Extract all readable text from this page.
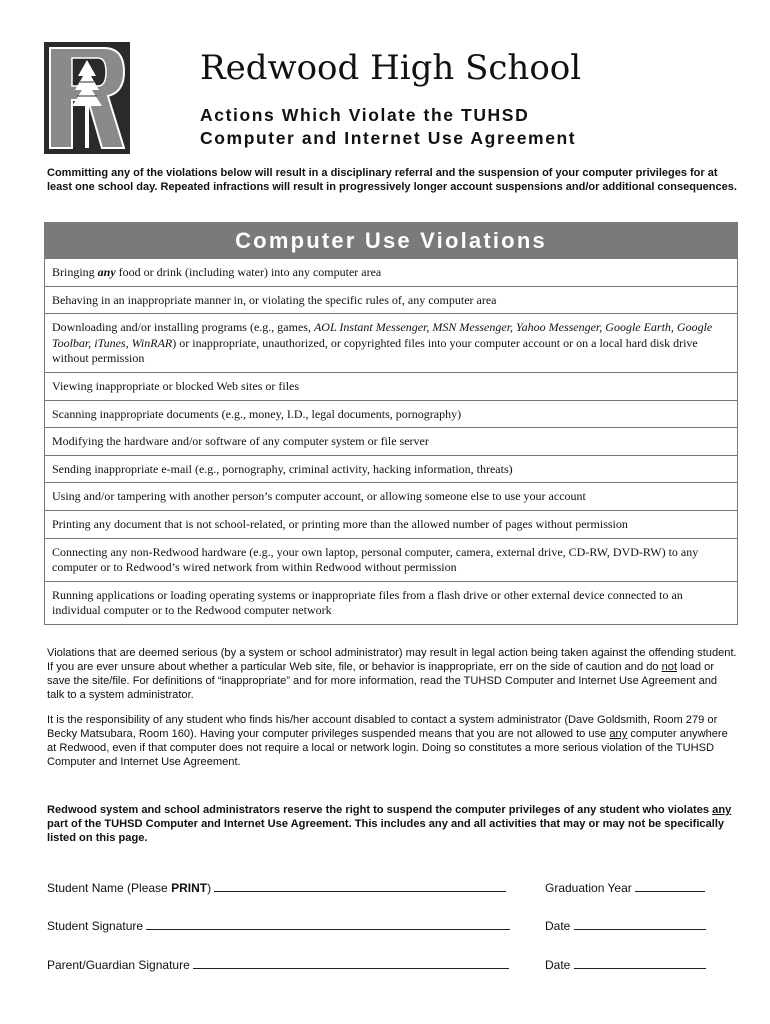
Redwood High School
Actions Which Violate the TUHSD
Computer and Internet Use Agreement
Committing any of the violations below will result in a disciplinary referral and the suspension of your computer privileges for at least one school day. Repeated infractions will result in progressively longer account suspensions and/or additional consequences.
Computer Use Violations
Bringing any food or drink (including water) into any computer area
Behaving in an inappropriate manner in, or violating the specific rules of, any computer area
Downloading and/or installing programs (e.g., games, AOL Instant Messenger, MSN Messenger, Yahoo Messenger, Google Earth, Google Toolbar, iTunes, WinRAR) or inappropriate, unauthorized, or copyrighted files into your computer account or on a local hard disk drive without permission
Viewing inappropriate or blocked Web sites or files
Scanning inappropriate documents (e.g., money, I.D., legal documents, pornography)
Modifying the hardware and/or software of any computer system or file server
Sending inappropriate e-mail (e.g., pornography, criminal activity, hacking information, threats)
Using and/or tampering with another person’s computer account, or allowing someone else to use your account
Printing any document that is not school-related, or printing more than the allowed number of pages without permission
Connecting any non-Redwood hardware (e.g., your own laptop, personal computer, camera, external drive, CD-RW, DVD-RW) to any computer or to Redwood’s wired network from within Redwood without permission
Running applications or loading operating systems or inappropriate files from a flash drive or other external device connected to an individual computer or to the Redwood computer network
Violations that are deemed serious (by a system or school administrator) may result in legal action being taken against the offending student. If you are ever unsure about whether a particular Web site, file, or behavior is inappropriate, err on the side of caution and do not load or save the site/file. For definitions of “inappropriate” and for more information, read the TUHSD Computer and Internet Use Agreement and talk to a system administrator.
It is the responsibility of any student who finds his/her account disabled to contact a system administrator (Dave Goldsmith, Room 279 or Becky Matsubara, Room 160). Having your computer privileges suspended means that you are not allowed to use any computer anywhere at Redwood, even if that computer does not require a local or network login. Doing so constitutes a more serious violation of the TUHSD Computer and Internet Use Agreement.
Redwood system and school administrators reserve the right to suspend the computer privileges of any student who violates any part of the TUHSD Computer and Internet Use Agreement. This includes any and all activities that may or may not be specifically listed on this page.
Student Name (Please PRINT)	Graduation Year
Student Signature	Date
Parent/Guardian Signature	Date
